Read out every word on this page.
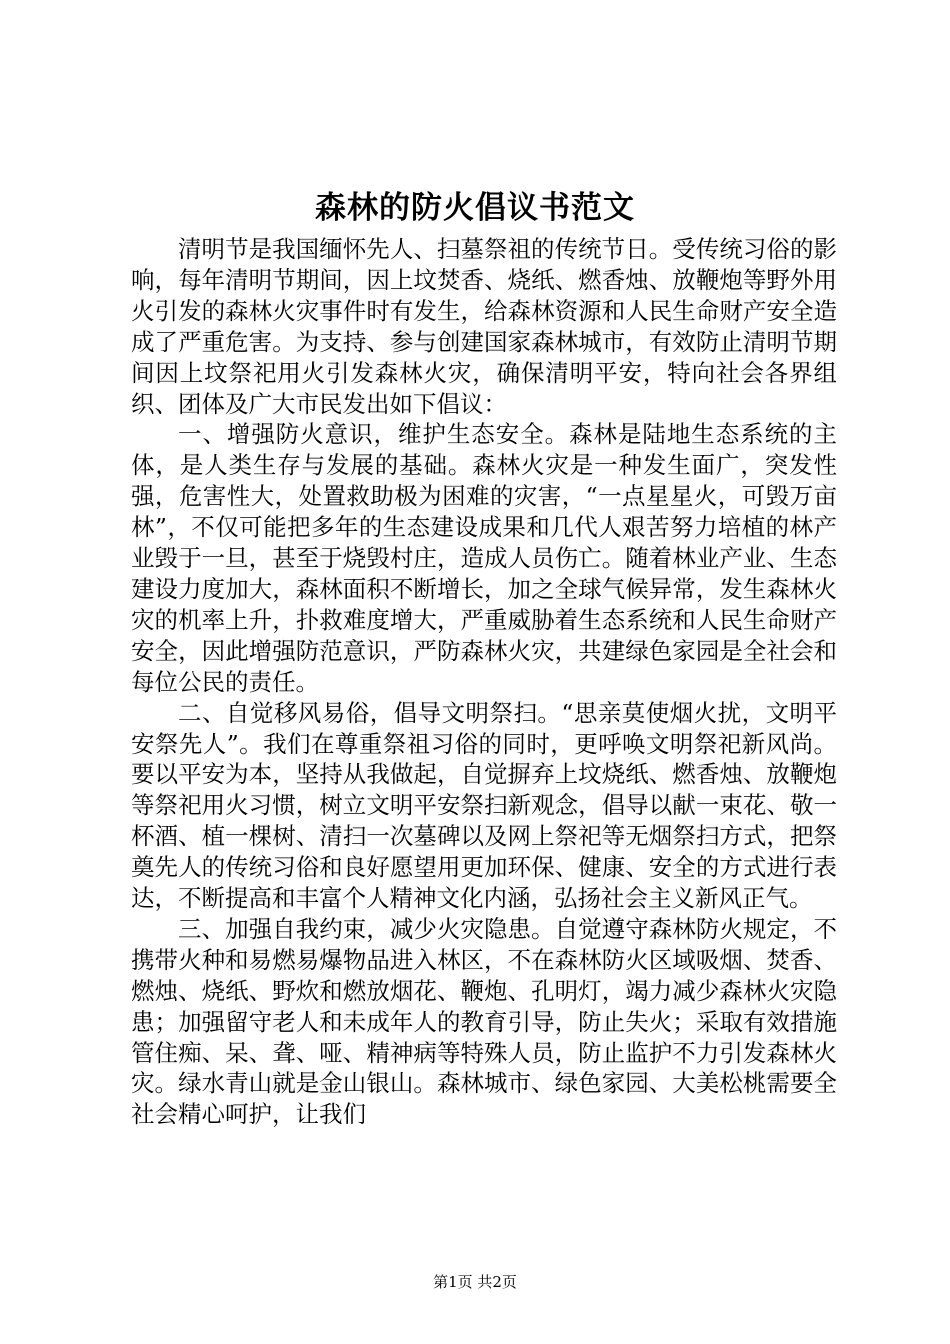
森林的防火倡议书范文

清明节是我国缅怀先人、扫墓祭祖的传统节日。受传统习俗的影响，每年清明节期间，因上坟焚香、烧纸、燃香烛、放鞭炮等野外用火引发的森林火灾事件时有发生，给森林资源和人民生命财产安全造成了严重危害。为支持、参与创建国家森林城市，有效防止清明节期间因上坟祭祀用火引发森林火灾，确保清明平安，特向社会各界组织、团体及广大市民发出如下倡议：

一、增强防火意识，维护生态安全。森林是陆地生态系统的主体，是人类生存与发展的基础。森林火灾是一种发生面广，突发性强，危害性大，处置救助极为困难的灾害，“一点星星火，可毁万亩林”，不仅可能把多年的生态建设成果和几代人艰苦努力培植的林产业毁于一旦，甚至于烧毁村庄，造成人员伤亡。随着林业产业、生态建设力度加大，森林面积不断增长，加之全球气候异常，发生森林火灾的机率上升，扑救难度增大，严重威胁着生态系统和人民生命财产安全，因此增强防范意识，严防森林火灾，共建绿色家园是全社会和每位公民的责任。

二、自觉移风易俗，倡导文明祭扫。“思亲莫使烟火扰，文明平安祭先人”。我们在尊重祭祖习俗的同时，更呼唤文明祭祀新风尚。要以平安为本，坚持从我做起，自觉摒弃上坟烧纸、燃香烛、放鞭炮等祭祀用火习惯，树立文明平安祭扫新观念，倡导以献一束花、敬一杯酒、植一棵树、清扫一次墓碑以及网上祭祀等无烟祭扫方式，把祭奠先人的传统习俗和良好愿望用更加环保、健康、安全的方式进行表达，不断提高和丰富个人精神文化内涵，弘扬社会主义新风正气。

三、加强自我约束，减少火灾隐患。自觉遵守森林防火规定，不携带火种和易燃易爆物品进入林区，不在森林防火区域吸烟、焚香、燃烛、烧纸、野炊和燃放烟花、鞭炮、孔明灯，竭力减少森林火灾隐患；加强留守老人和未成年人的教育引导，防止失火；采取有效措施管住痴、呆、聋、哑、精神病等特殊人员，防止监护不力引发森林火灾。绿水青山就是金山银山。森林城市、绿色家园、大美松桃需要全社会精心呵护，让我们

第1页 共2页
